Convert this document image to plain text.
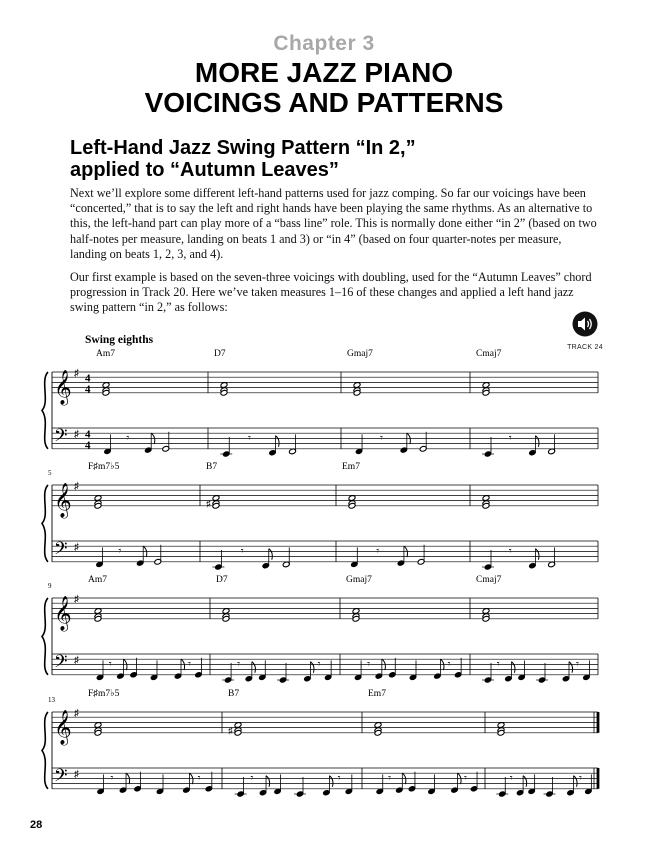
Chapter 3
MORE JAZZ PIANO
VOICINGS AND PATTERNS
Left-Hand Jazz Swing Pattern “In 2,”
applied to “Autumn Leaves”

Next we’ll explore some different left-hand patterns used for jazz comping. So far our voicings have been “concerted,” that is to say the left and right hands have been playing the same rhythms. As an alternative to this, the left-hand part can play more of a “bass line” role. This is normally done either “in 2” (based on two half-notes per measure, landing on beats 1 and 3) or “in 4” (based on four quarter-notes per measure, landing on beats 1, 2, 3, and 4).

Our first example is based on the seven-three voicings with doubling, used for the “Autumn Leaves” chord progression in Track 20. Here we’ve taken measures 1–16 of these changes and applied a left hand jazz swing pattern “in 2,” as follows:

TRACK 24
Swing eighths
𝄞
𝄢
♯
♯
4
4
4
4
Am7
𝄾
D7
𝄾
Gmaj7
𝄾
Cmaj7
𝄾
5
𝄞
𝄢
♯
♯
F♯m7♭5
𝄾
B7
♯
𝄾
Em7
𝄾	𝄾
9
𝄞
𝄢
♯
♯
Am7
𝄾	𝄾
D7
𝄾	𝄾
Gmaj7
𝄾	𝄾
Cmaj7
𝄾	𝄾
13
𝄞
𝄢
♯
♯
F♯m7♭5
𝄾	𝄾
B7
♯
𝄾	𝄾
Em7
𝄾	𝄾	𝄾	𝄾
28
